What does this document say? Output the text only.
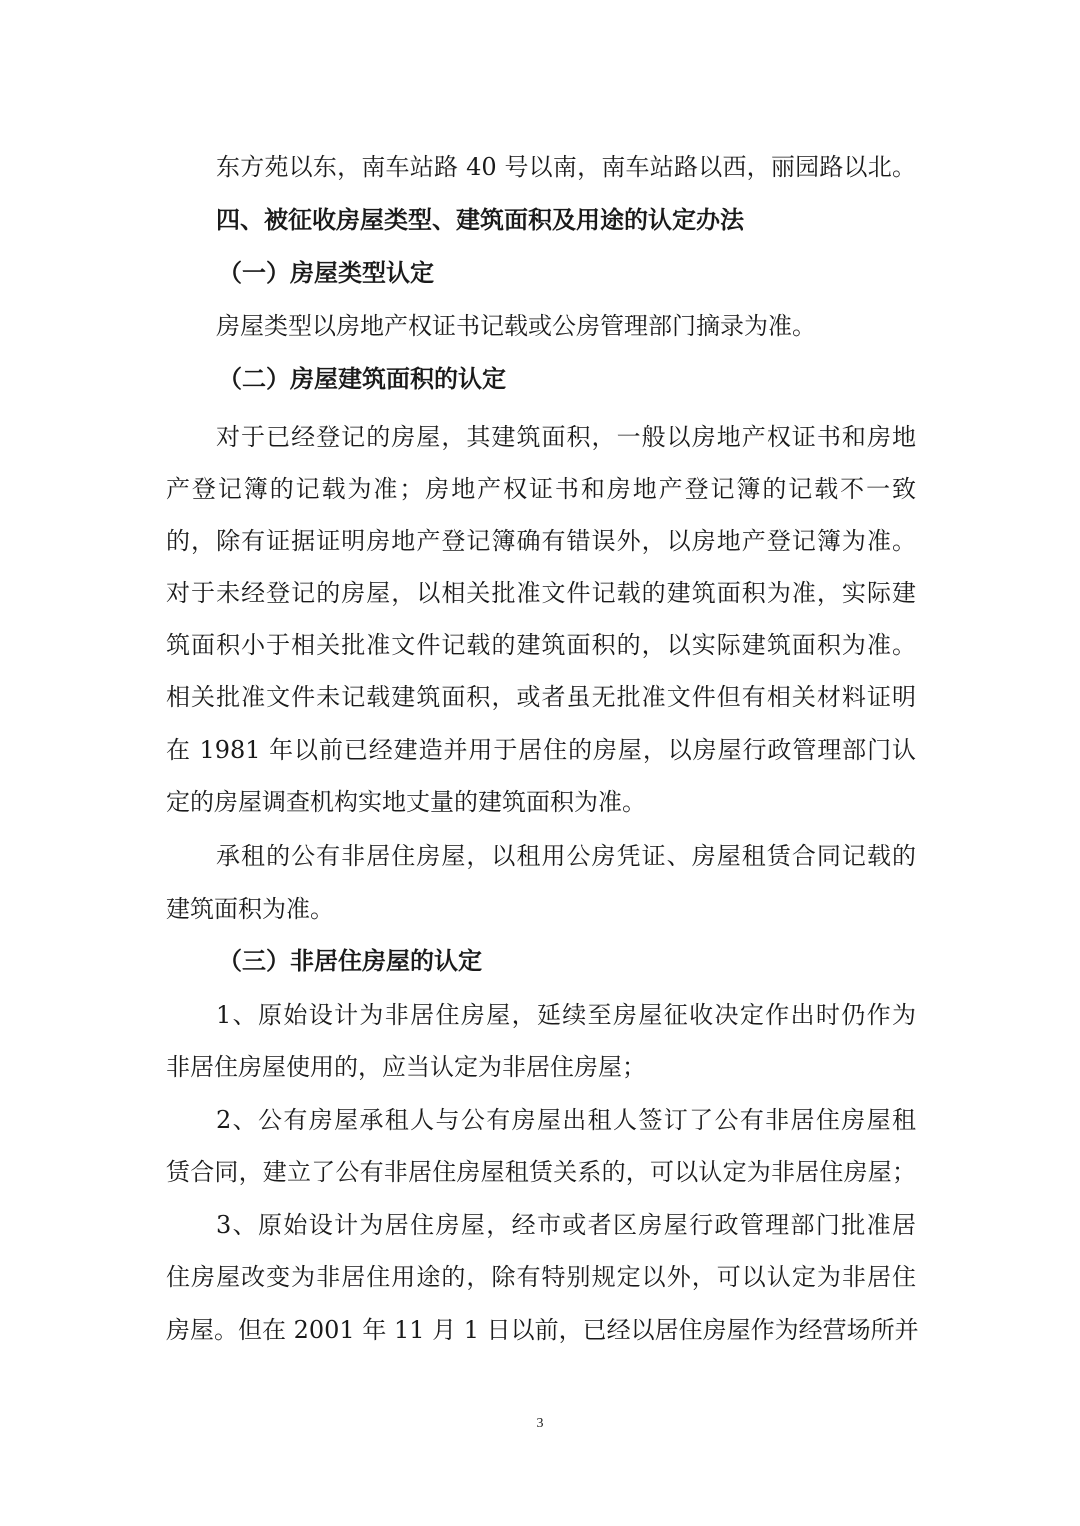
东方苑以东，南车站路 40 号以南，南车站路以西，丽园路以北。
四、被征收房屋类型、建筑面积及用途的认定办法
（一）房屋类型认定
房屋类型以房地产权证书记载或公房管理部门摘录为准。
（二）房屋建筑面积的认定
对于已经登记的房屋，其建筑面积，一般以房地产权证书和房地
产登记簿的记载为准；房地产权证书和房地产登记簿的记载不一致
的，除有证据证明房地产登记簿确有错误外，以房地产登记簿为准。
对于未经登记的房屋，以相关批准文件记载的建筑面积为准，实际建
筑面积小于相关批准文件记载的建筑面积的，以实际建筑面积为准。
相关批准文件未记载建筑面积，或者虽无批准文件但有相关材料证明
在 1981 年以前已经建造并用于居住的房屋，以房屋行政管理部门认
定的房屋调查机构实地丈量的建筑面积为准。
承租的公有非居住房屋，以租用公房凭证、房屋租赁合同记载的
建筑面积为准。
（三）非居住房屋的认定
1、原始设计为非居住房屋，延续至房屋征收决定作出时仍作为
非居住房屋使用的，应当认定为非居住房屋；
2、公有房屋承租人与公有房屋出租人签订了公有非居住房屋租
赁合同，建立了公有非居住房屋租赁关系的，可以认定为非居住房屋；
3、原始设计为居住房屋，经市或者区房屋行政管理部门批准居
住房屋改变为非居住用途的，除有特别规定以外，可以认定为非居住
房屋。但在 2001 年 11 月 1 日以前，已经以居住房屋作为经营场所并
3
